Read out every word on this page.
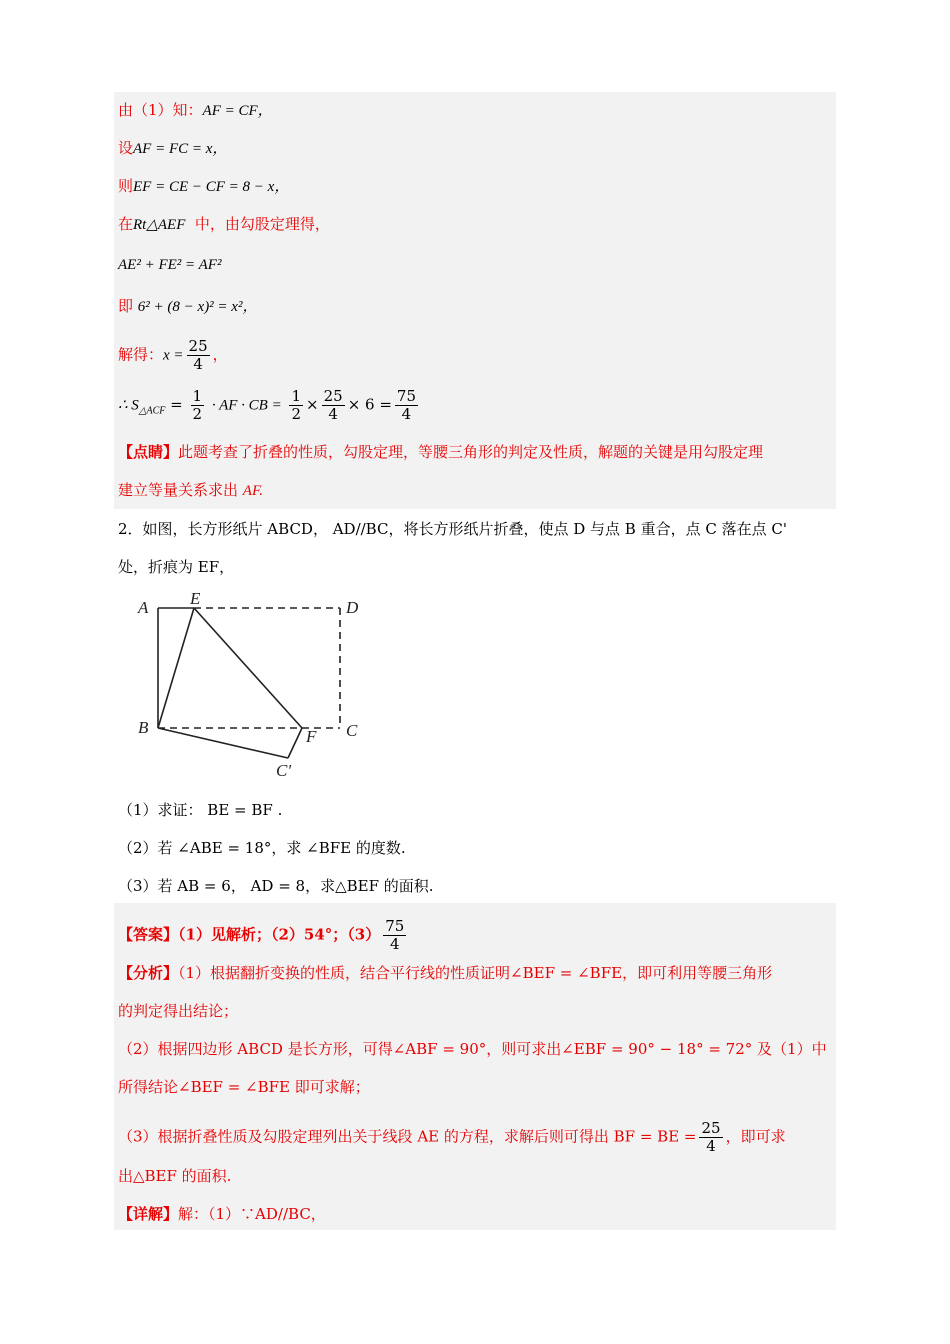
由（1）知：AF = CF，
设AF = FC = x，
则EF = CE − CF = 8 − x，
在Rt△AEF 中，由勾股定理得，
AE² + FE² = AF²
即 6² + (8 − x)² = x²，
解得：$x = \frac{25}{4}$ ，
∴ $S_{\triangle ACF} = \frac{1}{2}$ · AF · CB = $\frac{1}{2} \times \frac{25}{4} \times 6 = \frac{75}{4}$
【点睛】此题考查了折叠的性质，勾股定理，等腰三角形的判定及性质，解题的关键是用勾股定理
建立等量关系求出 AF.
2．如图，长方形纸片 ABCD， AD//BC，将长方形纸片折叠，使点 D 与点 B 重合，点 C 落在点 C'
处，折痕为 EF，
A E	D
B	F C
C'
（1）求证： BE = BF .
（2）若 ∠ABE = 18°，求 ∠BFE 的度数.
（3）若 AB = 6， AD = 8，求△BEF 的面积.
【答案】（1）见解析；（2）54°；$(3) \frac{75}{4}$
【分析】（1）根据翻折变换的性质，结合平行线的性质证明∠BEF = ∠BFE，即可利用等腰三角形
的判定得出结论；
（2）根据四边形 ABCD 是长方形，可得∠ABF = 90°，则可求出∠EBF = 90° − 18° = 72° 及（1）中
所得结论∠BEF = ∠BFE 即可求解；
（3）根据折叠性质及勾股定理列出关于线段 AE 的方程，求解后则可得出 BF = BE = $\frac{25}{4}$ ，即可求
出△BEF 的面积.
【详解】解：（1）∵AD//BC，
